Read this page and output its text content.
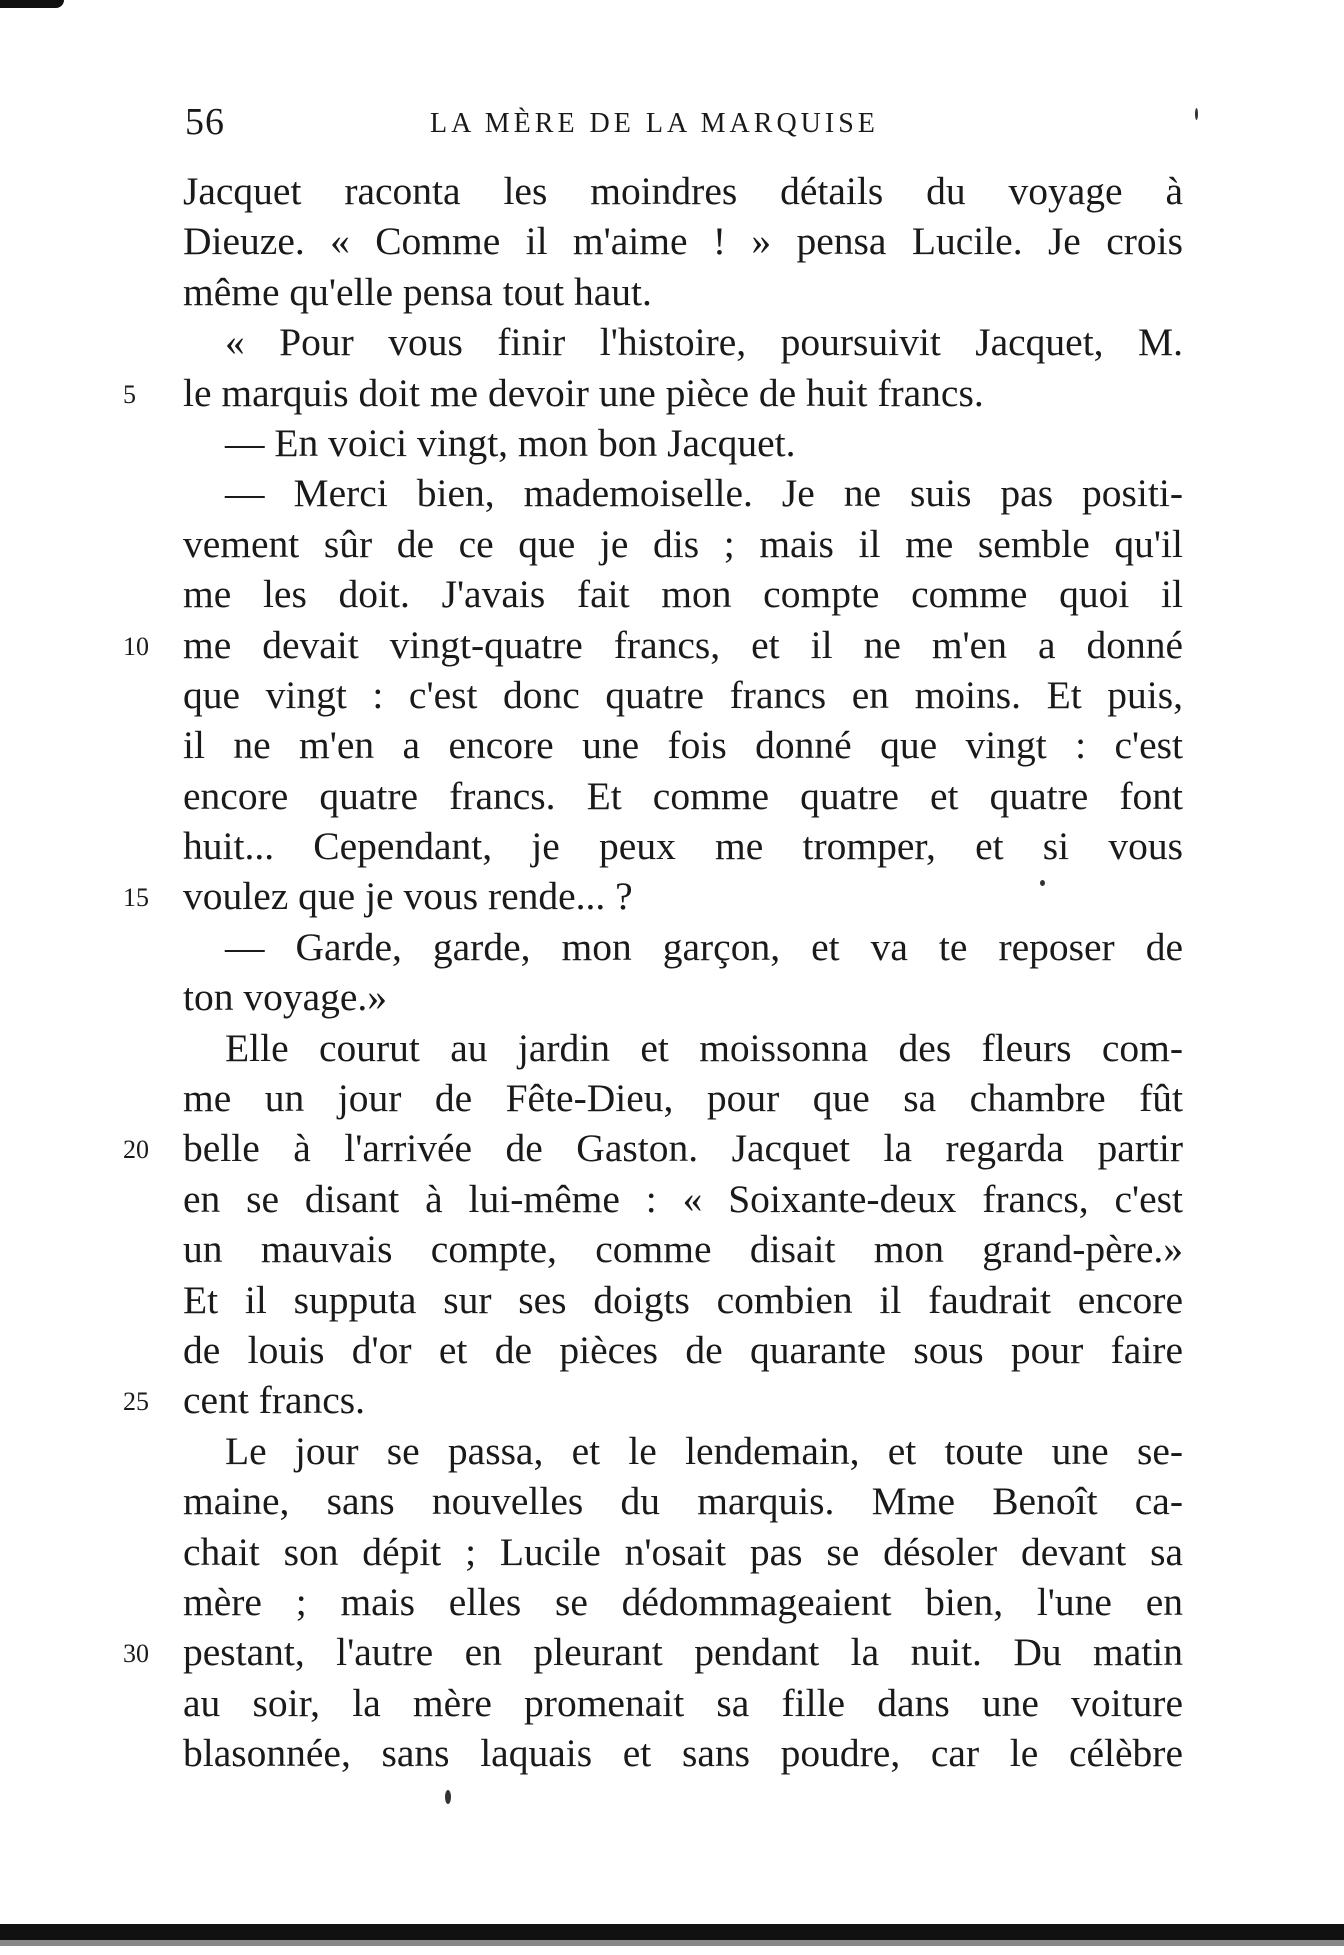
56	LA MÈRE DE LA MARQUISE
Jacquet raconta les moindres détails du voyage à
Dieuze. « Comme il m'aime ! » pensa Lucile. Je crois
même qu'elle pensa tout haut.
« Pour vous finir l'histoire, poursuivit Jacquet, M.
5	le marquis doit me devoir une pièce de huit francs.
— En voici vingt, mon bon Jacquet.
— Merci bien, mademoiselle. Je ne suis pas positi-
vement sûr de ce que je dis ; mais il me semble qu'il
me les doit. J'avais fait mon compte comme quoi il
10 me devait vingt-quatre francs, et il ne m'en a donné
que vingt : c'est donc quatre francs en moins. Et puis,
il ne m'en a encore une fois donné que vingt : c'est
encore quatre francs. Et comme quatre et quatre font
huit... Cependant, je peux me tromper, et si vous
15 voulez que je vous rende... ?
— Garde, garde, mon garçon, et va te reposer de
ton voyage.»
Elle courut au jardin et moissonna des fleurs com-
me un jour de Fête-Dieu, pour que sa chambre fût
20 belle à l'arrivée de Gaston. Jacquet la regarda partir
en se disant à lui-même : « Soixante-deux francs, c'est
un mauvais compte, comme disait mon grand-père.»
Et il supputa sur ses doigts combien il faudrait encore
de louis d'or et de pièces de quarante sous pour faire
25 cent francs.
Le jour se passa, et le lendemain, et toute une se-
maine, sans nouvelles du marquis. Mme Benoît ca-
chait son dépit ; Lucile n'osait pas se désoler devant sa
mère ; mais elles se dédommageaient bien, l'une en
30 pestant, l'autre en pleurant pendant la nuit. Du matin
au soir, la mère promenait sa fille dans une voiture
blasonnée, sans laquais et sans poudre, car le célèbre
